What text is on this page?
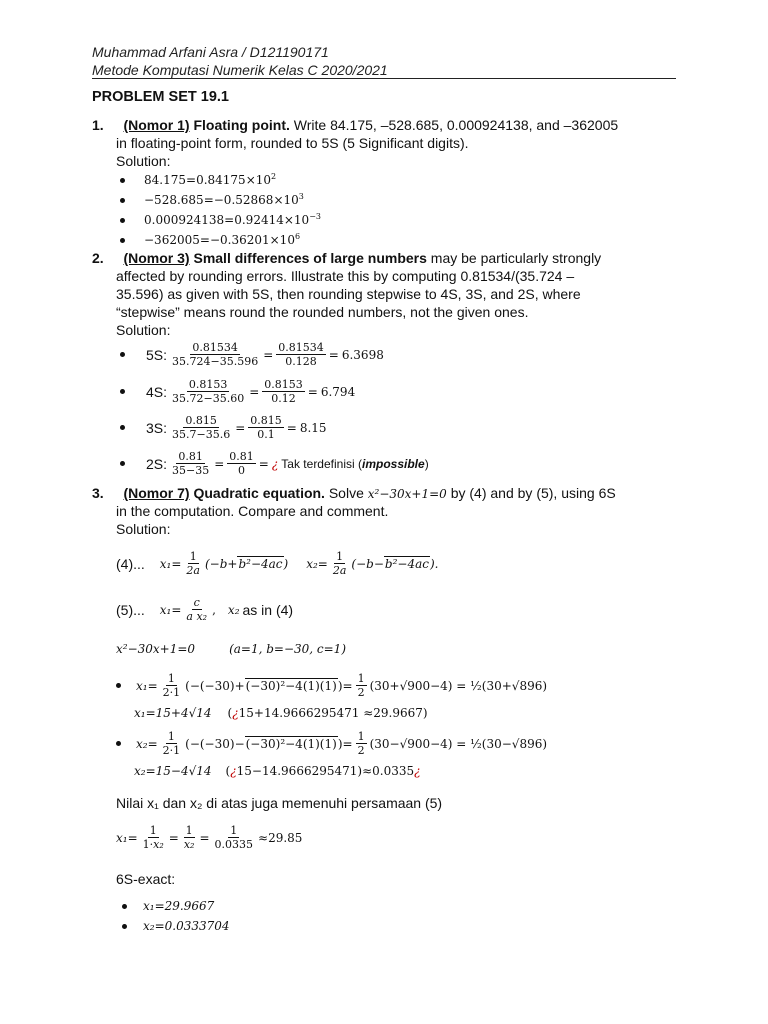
Muhammad Arfani Asra / D121190171
Metode Komputasi Numerik Kelas C 2020/2021
PROBLEM SET 19.1
1. (Nomor 1) Floating point. Write 84.175, –528.685, 0.000924138, and –362005
in floating-point form, rounded to 5S (5 Significant digits).
Solution:
$84.175=0.84175\times 10^2$
$-528.685=-0.52868\times 10^3$
$0.000924138=0.92414\times 10^{-3}$
$-362005=-0.36201\times 10^6$
2. (Nomor 3) Small differences of large numbers may be particularly strongly
affected by rounding errors. Illustrate this by computing 0.81534/(35.724 –
35.596) as given with 5S, then rounding stepwise to 4S, 3S, and 2S, where
“stepwise” means round the rounded numbers, not the given ones.
Solution:
5S: $\frac{0.81534}{35.724-35.596} = \frac{0.81534}{0.128} = 6.3698$
4S: $\frac{0.8153}{35.72-35.60} = \frac{0.8153}{0.12} = 6.794$
3S: $\frac{0.815}{35.7-35.6} = \frac{0.815}{0.1} = 8.15$
2S: $\frac{0.81}{35-35} = \frac{0.81}{0}$ = ¿ Tak terdefinisi (impossible)
3. (Nomor 7) Quadratic equation. Solve x²−30x+1=0 by (4) and by (5), using 6S
in the computation. Compare and comment.
Solution:
(4)... $x_1= \frac{1}{2a} (-b+b^2-4ac)$ $x_2= \frac{1}{2a} (-b-b^2-4ac)$.
(5)... $x_1= \frac{c}{\text{a x₂}}$ , x₂ as in (4)
x²−30x+1=0	(a=1, b=−30, c=1)
$x_1= \frac{1}{2\cdot 1} (-(-30)+(-30)^2-4(1)(1))= \frac{1}{2} (30+√900-4)$ = ½(30+√896)
x₁=15+4√14 (¿15+14.9666295471 ≈29.9667)
$x_2= \frac{1}{2\cdot 1} (-(-30)-(-30)^2-4(1)(1))= \frac{1}{2} (30-√900-4)$ = ½(30−√896)
x₂=15−4√14 (¿15−14.9666295471)≈0.0335¿
Nilai x₁ dan x₂ di atas juga memenuhi persamaan (5)
$x_1= \frac{1}{\text{1·x₂}} = \frac{1}{\text{x₂}} = \frac{1}{0.0335} \approx 29.85$
6S-exact:
x₁=29.9667
x₂=0.0333704
